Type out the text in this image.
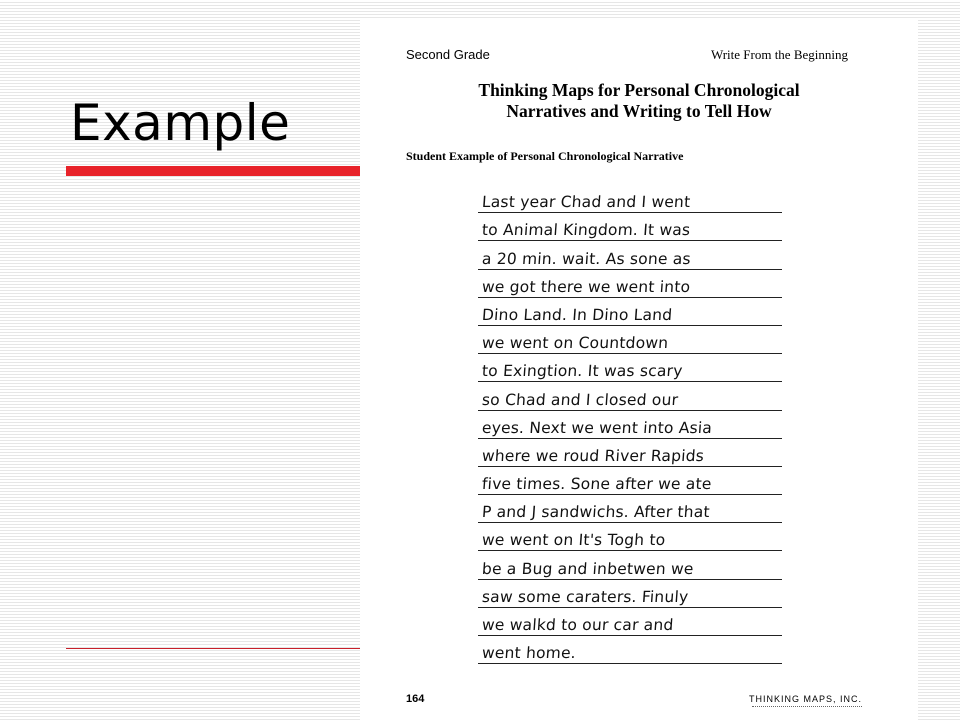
Example
Second Grade	Write From the Beginning
Thinking Maps for Personal Chronological
Narratives and Writing to Tell How
Student Example of Personal Chronological Narrative
Last year Chad and I went
to Animal Kingdom. It was
a 20 min. wait. As sone as
we got there we went into
Dino Land. In Dino Land
we went on Countdown
to Exingtion. It was scary
so Chad and I closed our
eyes. Next we went into Asia
where we roud River Rapids
five times. Sone after we ate
P and J sandwichs. After that
we went on It's Togh to
be a Bug and inbetwen we
saw some caraters. Finuly
we walkd to our car and
went home.
164	THINKING MAPS, INC.
